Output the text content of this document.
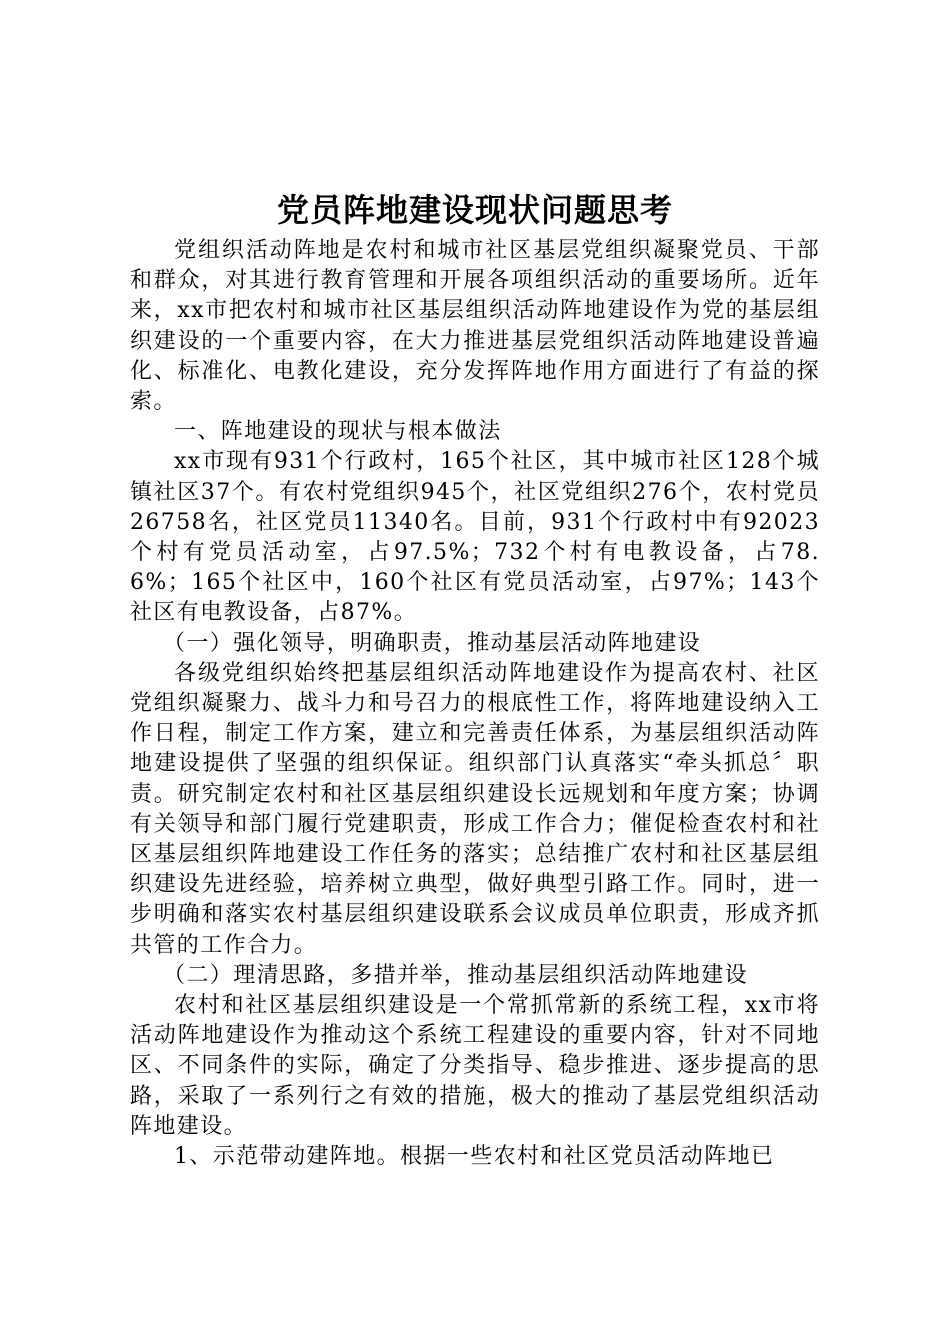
党员阵地建设现状问题思考

党组织活动阵地是农村和城市社区基层党组织凝聚党员、干部和群众，对其进行教育管理和开展各项组织活动的重要场所。近年来，xx市把农村和城市社区基层组织活动阵地建设作为党的基层组织建设的一个重要内容，在大力推进基层党组织活动阵地建设普遍化、标准化、电教化建设，充分发挥阵地作用方面进行了有益的探索。

一、阵地建设的现状与根本做法

xx市现有931个行政村，165个社区，其中城市社区128个城镇社区37个。有农村党组织945个，社区党组织276个，农村党员26758名，社区党员11340名。目前，931个行政村中有92023个村有党员活动室，占97.5%；732个村有电教设备，占78.6%；165个社区中，160个社区有党员活动室，占97%；143个社区有电教设备，占87%。

（一）强化领导，明确职责，推动基层活动阵地建设

各级党组织始终把基层组织活动阵地建设作为提高农村、社区党组织凝聚力、战斗力和号召力的根底性工作，将阵地建设纳入工作日程，制定工作方案，建立和完善责任体系，为基层组织活动阵地建设提供了坚强的组织保证。组织部门认真落实“牵头抓总〞职责。研究制定农村和社区基层组织建设长远规划和年度方案；协调有关领导和部门履行党建职责，形成工作合力；催促检查农村和社区基层组织阵地建设工作任务的落实；总结推广农村和社区基层组织建设先进经验，培养树立典型，做好典型引路工作。同时，进一步明确和落实农村基层组织建设联系会议成员单位职责，形成齐抓共管的工作合力。

（二）理清思路，多措并举，推动基层组织活动阵地建设

农村和社区基层组织建设是一个常抓常新的系统工程，xx市将活动阵地建设作为推动这个系统工程建设的重要内容，针对不同地区、不同条件的实际，确定了分类指导、稳步推进、逐步提高的思路，采取了一系列行之有效的措施，极大的推动了基层党组织活动阵地建设。

1、示范带动建阵地。根据一些农村和社区党员活动阵地已
